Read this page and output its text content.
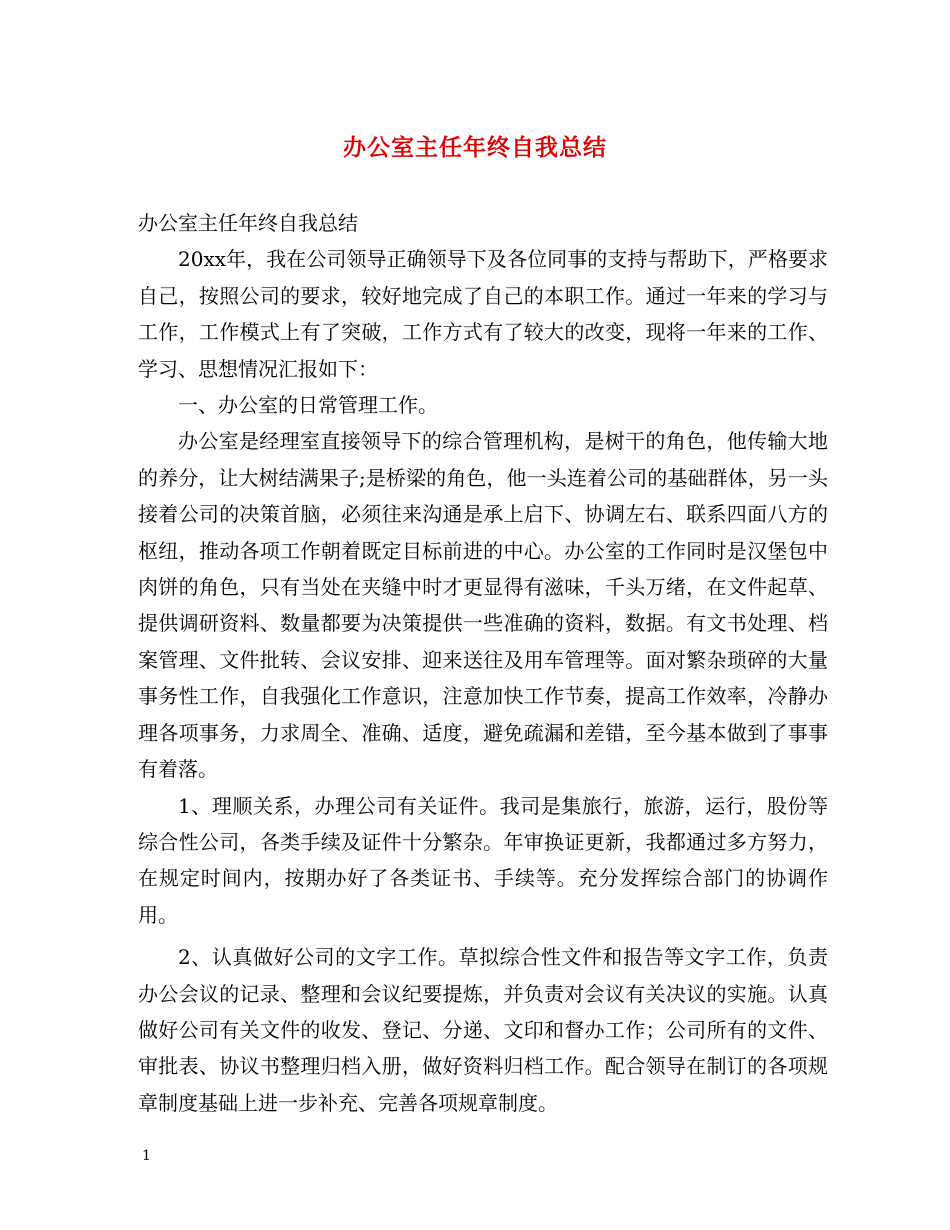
办公室主任年终自我总结

办公室主任年终自我总结

20xx年，我在公司领导正确领导下及各位同事的支持与帮助下，严格要求自己，按照公司的要求，较好地完成了自己的本职工作。通过一年来的学习与工作，工作模式上有了突破，工作方式有了较大的改变，现将一年来的工作、学习、思想情况汇报如下：

一、办公室的日常管理工作。

办公室是经理室直接领导下的综合管理机构，是树干的角色，他传输大地的养分，让大树结满果子;是桥梁的角色，他一头连着公司的基础群体，另一头接着公司的决策首脑，必须往来沟通是承上启下、协调左右、联系四面八方的枢纽，推动各项工作朝着既定目标前进的中心。办公室的工作同时是汉堡包中肉饼的角色，只有当处在夹缝中时才更显得有滋味，千头万绪，在文件起草、提供调研资料、数量都要为决策提供一些准确的资料，数据。有文书处理、档案管理、文件批转、会议安排、迎来送往及用车管理等。面对繁杂琐碎的大量事务性工作，自我强化工作意识，注意加快工作节奏，提高工作效率，冷静办理各项事务，力求周全、准确、适度，避免疏漏和差错，至今基本做到了事事有着落。

1、理顺关系，办理公司有关证件。我司是集旅行，旅游，运行，股份等综合性公司，各类手续及证件十分繁杂。年审换证更新，我都通过多方努力，在规定时间内，按期办好了各类证书、手续等。充分发挥综合部门的协调作用。

2、认真做好公司的文字工作。草拟综合性文件和报告等文字工作，负责办公会议的记录、整理和会议纪要提炼，并负责对会议有关决议的实施。认真做好公司有关文件的收发、登记、分递、文印和督办工作；公司所有的文件、审批表、协议书整理归档入册，做好资料归档工作。配合领导在制订的各项规章制度基础上进一步补充、完善各项规章制度。

1
